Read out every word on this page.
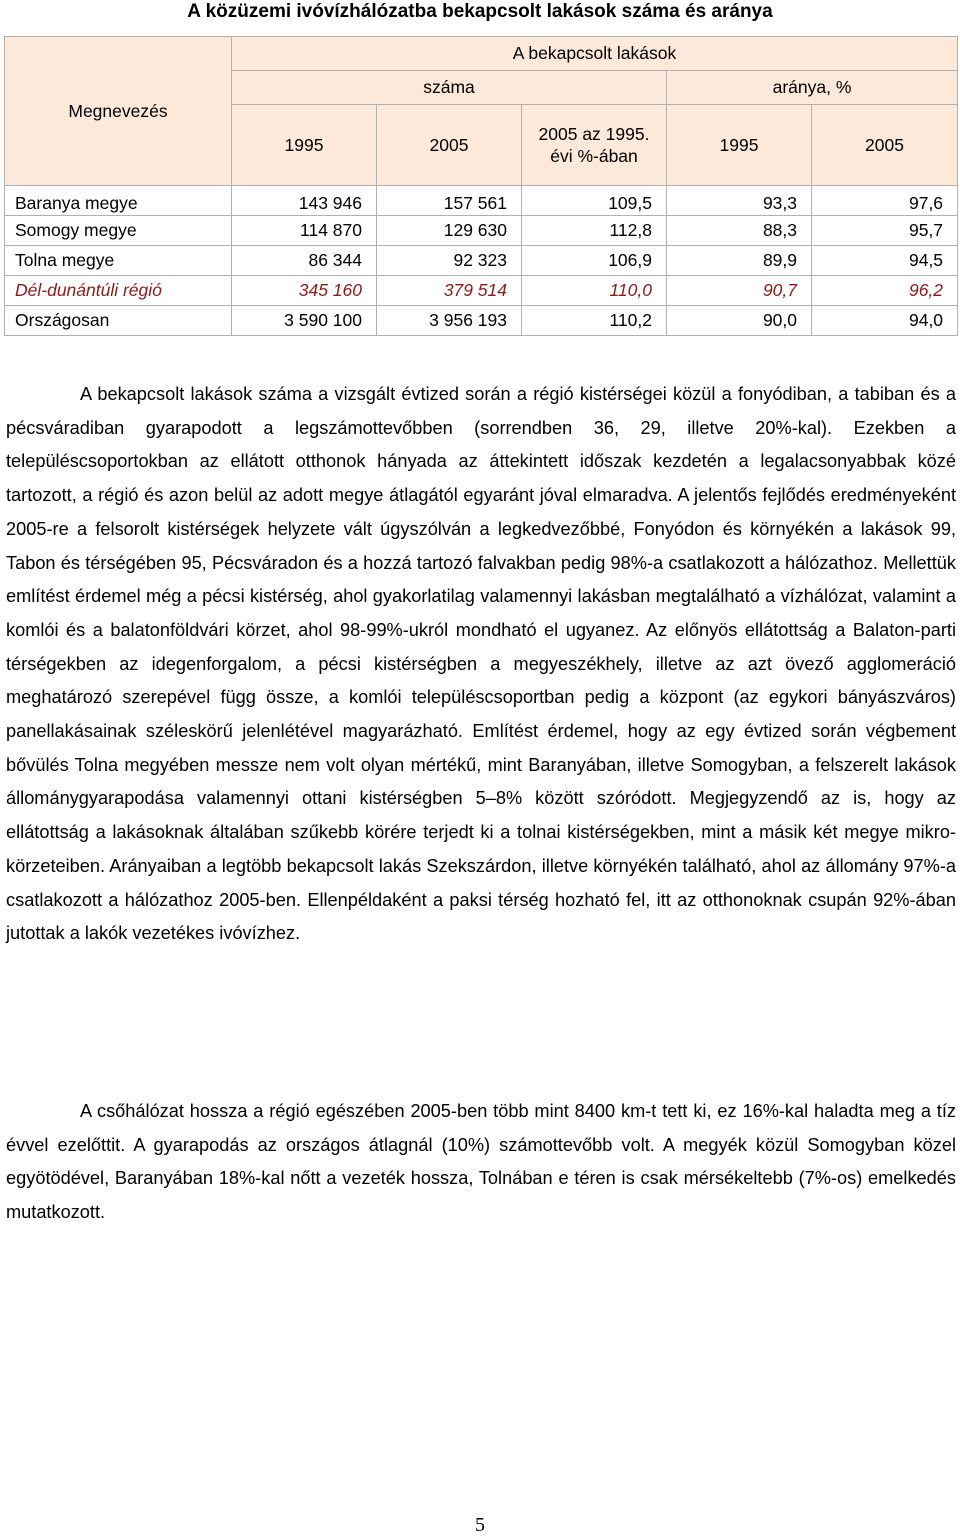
A közüzemi ivóvízhálózatba bekapcsolt lakások száma és aránya
Megnevezés	A bekapcsolt lakások				
	száma			aránya, %	
	1995	2005	2005 az 1995. évi %-ában	1995	2005
Baranya megye	143 946	157 561	109,5	93,3	97,6
Somogy megye	114 870	129 630	112,8	88,3	95,7
Tolna megye	86 344	92 323	106,9	89,9	94,5
Dél-dunántúli régió	345 160	379 514	110,0	90,7	96,2
Országosan	3 590 100	3 956 193	110,2	90,0	94,0

A bekapcsolt lakások száma a vizsgált évtized során a régió kistérségei közül a fonyódiban, a tabiban és a pécsváradiban gyarapodott a legszámottevőbben (sorrendben 36, 29, illetve 20%-kal). Ezekben a településcsoportokban az ellátott otthonok hányada az áttekintett időszak kezdetén a legalacsonyabbak közé tartozott, a régió és azon belül az adott megye átlagától egyaránt jóval elmaradva. A jelentős fejlődés eredményeként 2005-re a felsorolt kistérségek helyzete vált úgyszólván a legkedvezőbbé, Fonyódon és környékén a lakások 99, Tabon és térségében 95, Pécsváradon és a hozzá tartozó falvakban pedig 98%-a csatlakozott a hálózathoz. Mellettük említést érdemel még a pécsi kistérség, ahol gyakorlatilag valamennyi lakásban megtalálható a vízhálózat, valamint a komlói és a balatonföldvári körzet, ahol 98-99%-ukról mondható el ugyanez. Az előnyös ellátottság a Balaton-parti térségekben az idegenforgalom, a pécsi kistérségben a megyeszékhely, illetve az azt övező agglomeráció meghatározó szerepével függ össze, a komlói településcsoportban pedig a központ (az egykori bányászváros) panellakásainak széleskörű jelenlétével magyarázható. Említést érdemel, hogy az egy évtized során végbement bővülés Tolna megyében messze nem volt olyan mértékű, mint Baranyában, illetve Somogyban, a felszerelt lakások állománygyarapodása valamennyi ottani kistérségben 5–8% között szóródott. Megjegyzendő az is, hogy az ellátottság a lakásoknak általában szűkebb körére terjedt ki a tolnai kistérségekben, mint a másik két megye mikro-körzeteiben. Arányaiban a legtöbb bekapcsolt lakás Szekszárdon, illetve környékén található, ahol az állomány 97%-a csatlakozott a hálózathoz 2005-ben. Ellenpéldaként a paksi térség hozható fel, itt az otthonoknak csupán 92%-ában jutottak a lakók vezetékes ivóvízhez.

A csőhálózat hossza a régió egészében 2005-ben több mint 8400 km-t tett ki, ez 16%-kal haladta meg a tíz évvel ezelőttit. A gyarapodás az országos átlagnál (10%) számottevőbb volt. A megyék közül Somogyban közel egyötödével, Baranyában 18%-kal nőtt a vezeték hossza, Tolnában e téren is csak mérsékeltebb (7%-os) emelkedés mutatkozott.

5
